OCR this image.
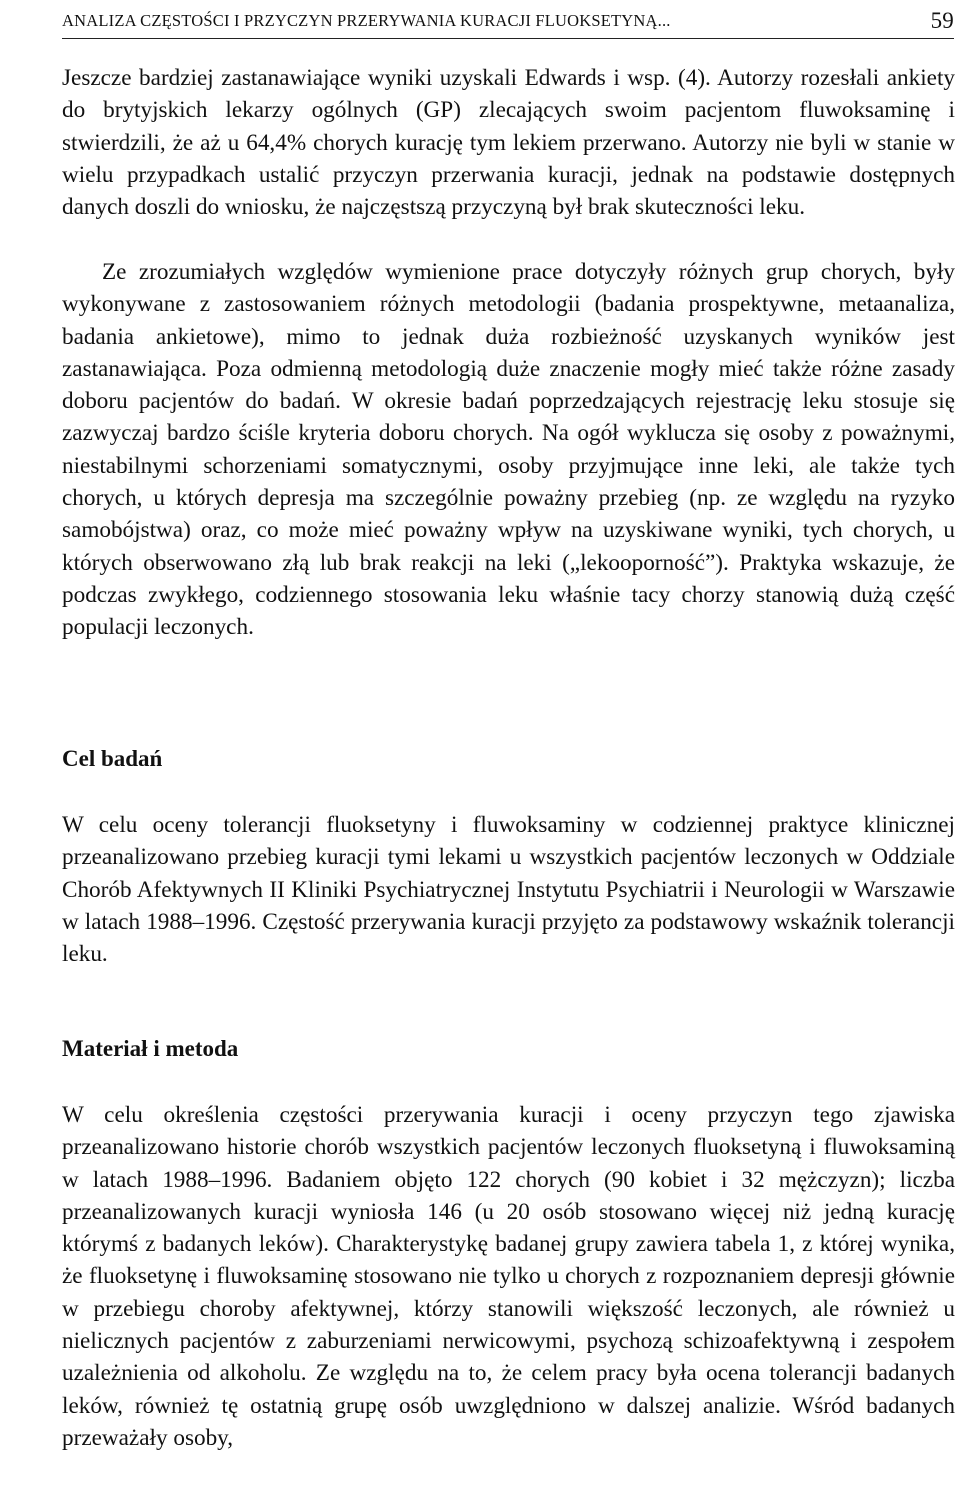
ANALIZA CZĘSTOŚCI I PRZYCZYN PRZERYWANIA KURACJI FLUOKSETYNĄ...	59

Jeszcze bardziej zastanawiające wyniki uzyskali Edwards i wsp. (4). Autorzy rozesłali ankiety do brytyjskich lekarzy ogólnych (GP) zlecających swoim pacjentom fluwoksaminę i stwierdzili, że aż u 64,4% chorych kurację tym lekiem przerwano. Autorzy nie byli w stanie w wielu przypadkach ustalić przyczyn przerwania kuracji, jednak na podstawie dostępnych danych doszli do wniosku, że najczęstszą przyczyną był brak skuteczności leku.

Ze zrozumiałych względów wymienione prace dotyczyły różnych grup chorych, były wykonywane z zastosowaniem różnych metodologii (badania prospektywne, metaanaliza, badania ankietowe), mimo to jednak duża rozbieżność uzyskanych wyników jest zastanawiająca. Poza odmienną metodologią duże znaczenie mogły mieć także różne zasady doboru pacjentów do badań. W okresie badań poprzedzających rejestrację leku stosuje się zazwyczaj bardzo ściśle kryteria doboru chorych. Na ogół wyklucza się osoby z poważnymi, niestabilnymi schorzeniami somatycznymi, osoby przyjmujące inne leki, ale także tych chorych, u których depresja ma szczególnie poważny przebieg (np. ze względu na ryzyko samobójstwa) oraz, co może mieć poważny wpływ na uzyskiwane wyniki, tych chorych, u których obserwowano złą lub brak reakcji na leki („lekooporność”). Praktyka wskazuje, że podczas zwykłego, codziennego stosowania leku właśnie tacy chorzy stanowią dużą część populacji leczonych.

Cel badań

W celu oceny tolerancji fluoksetyny i fluwoksaminy w codziennej praktyce klinicznej przeanalizowano przebieg kuracji tymi lekami u wszystkich pacjentów leczonych w Oddziale Chorób Afektywnych II Kliniki Psychiatrycznej Instytutu Psychiatrii i Neurologii w Warszawie w latach 1988–1996. Częstość przerywania kuracji przyjęto za podstawowy wskaźnik tolerancji leku.

Materiał i metoda

W celu określenia częstości przerywania kuracji i oceny przyczyn tego zjawiska przeanalizowano historie chorób wszystkich pacjentów leczonych fluoksetyną i fluwoksaminą w latach 1988–1996. Badaniem objęto 122 chorych (90 kobiet i 32 mężczyzn); liczba przeanalizowanych kuracji wyniosła 146 (u 20 osób stosowano więcej niż jedną kurację którymś z badanych leków). Charakterystykę badanej grupy zawiera tabela 1, z której wynika, że fluoksetynę i fluwoksaminę stosowano nie tylko u chorych z rozpoznaniem depresji głównie w przebiegu choroby afektywnej, którzy stanowili większość leczonych, ale również u nielicznych pacjentów z zaburzeniami nerwicowymi, psychozą schizoafektywną i zespołem uzależnienia od alkoholu. Ze względu na to, że celem pracy była ocena tolerancji badanych leków, również tę ostatnią grupę osób uwzględniono w dalszej analizie. Wśród badanych przeważały osoby,
